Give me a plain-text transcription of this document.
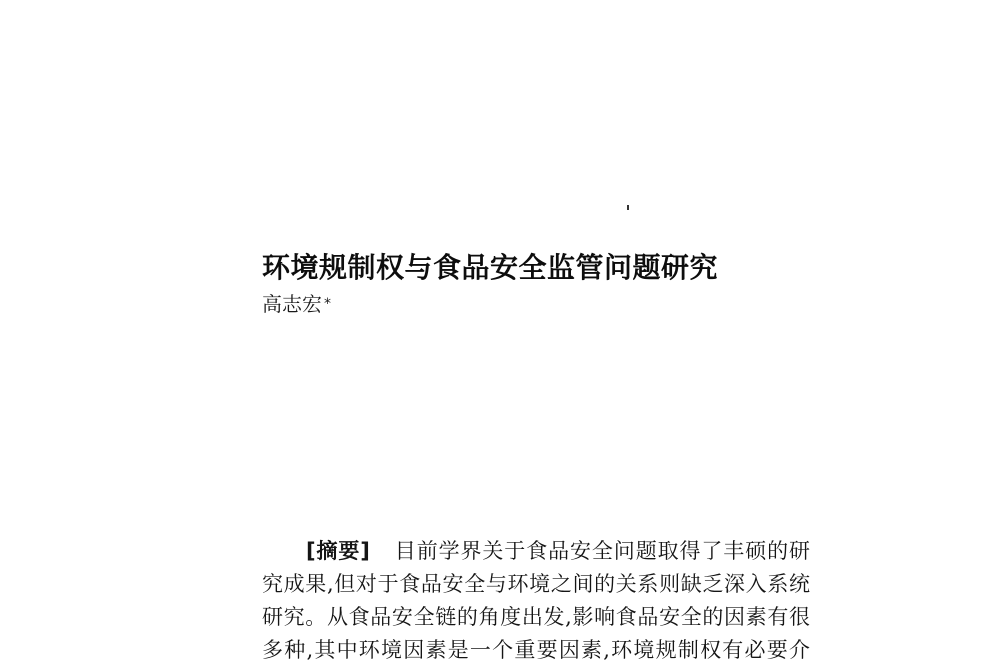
环境规制权与食品安全监管问题研究
高志宏 *
[摘要] 目前学界关于食品安全问题取得了丰硕的研
究成果,但对于食品安全与环境之间的关系则缺乏深入系统
研究。从食品安全链的角度出发,影响食品安全的因素有很
多种,其中环境因素是一个重要因素,环境规制权有必要介
